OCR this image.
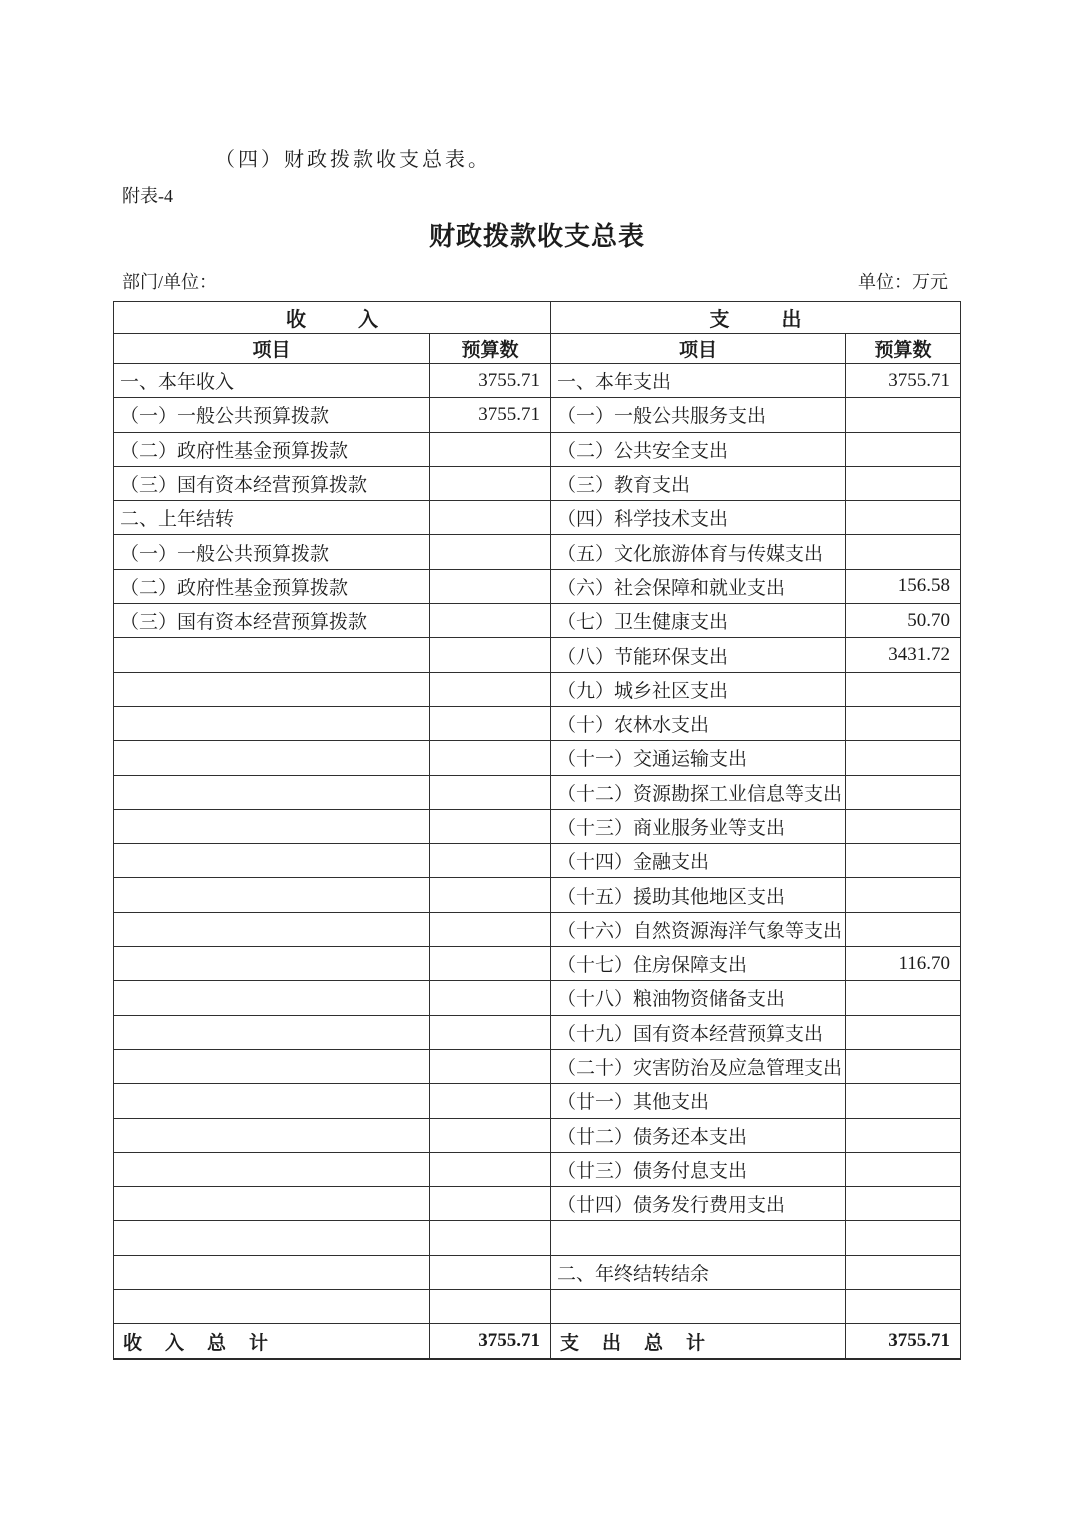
（四）财政拨款收支总表。
附表-4
财政拨款收支总表
部门/单位：	单位：万元
收入		支出	
项目	预算数	项目	预算数
一、本年收入	3755.71	一、本年支出	3755.71
（一）一般公共预算拨款	3755.71	（一）一般公共服务支出	
（二）政府性基金预算拨款		（二）公共安全支出	
（三）国有资本经营预算拨款		（三）教育支出	
二、上年结转		（四）科学技术支出	
（一）一般公共预算拨款		（五）文化旅游体育与传媒支出	
（二）政府性基金预算拨款		（六）社会保障和就业支出	156.58
（三）国有资本经营预算拨款		（七）卫生健康支出	50.70
		（八）节能环保支出	3431.72
		（九）城乡社区支出	
		（十）农林水支出	
		（十一）交通运输支出	
		（十二）资源勘探工业信息等支出	
		（十三）商业服务业等支出	
		（十四）金融支出	
		（十五）援助其他地区支出	
		（十六）自然资源海洋气象等支出	
		（十七）住房保障支出	116.70
		（十八）粮油物资储备支出	
		（十九）国有资本经营预算支出	
		（二十）灾害防治及应急管理支出	
		（廿一）其他支出	
		（廿二）债务还本支出	
		（廿三）债务付息支出	
		（廿四）债务发行费用支出	

		二、年终结转结余	

收入总计	3755.71	支出总计	3755.71
